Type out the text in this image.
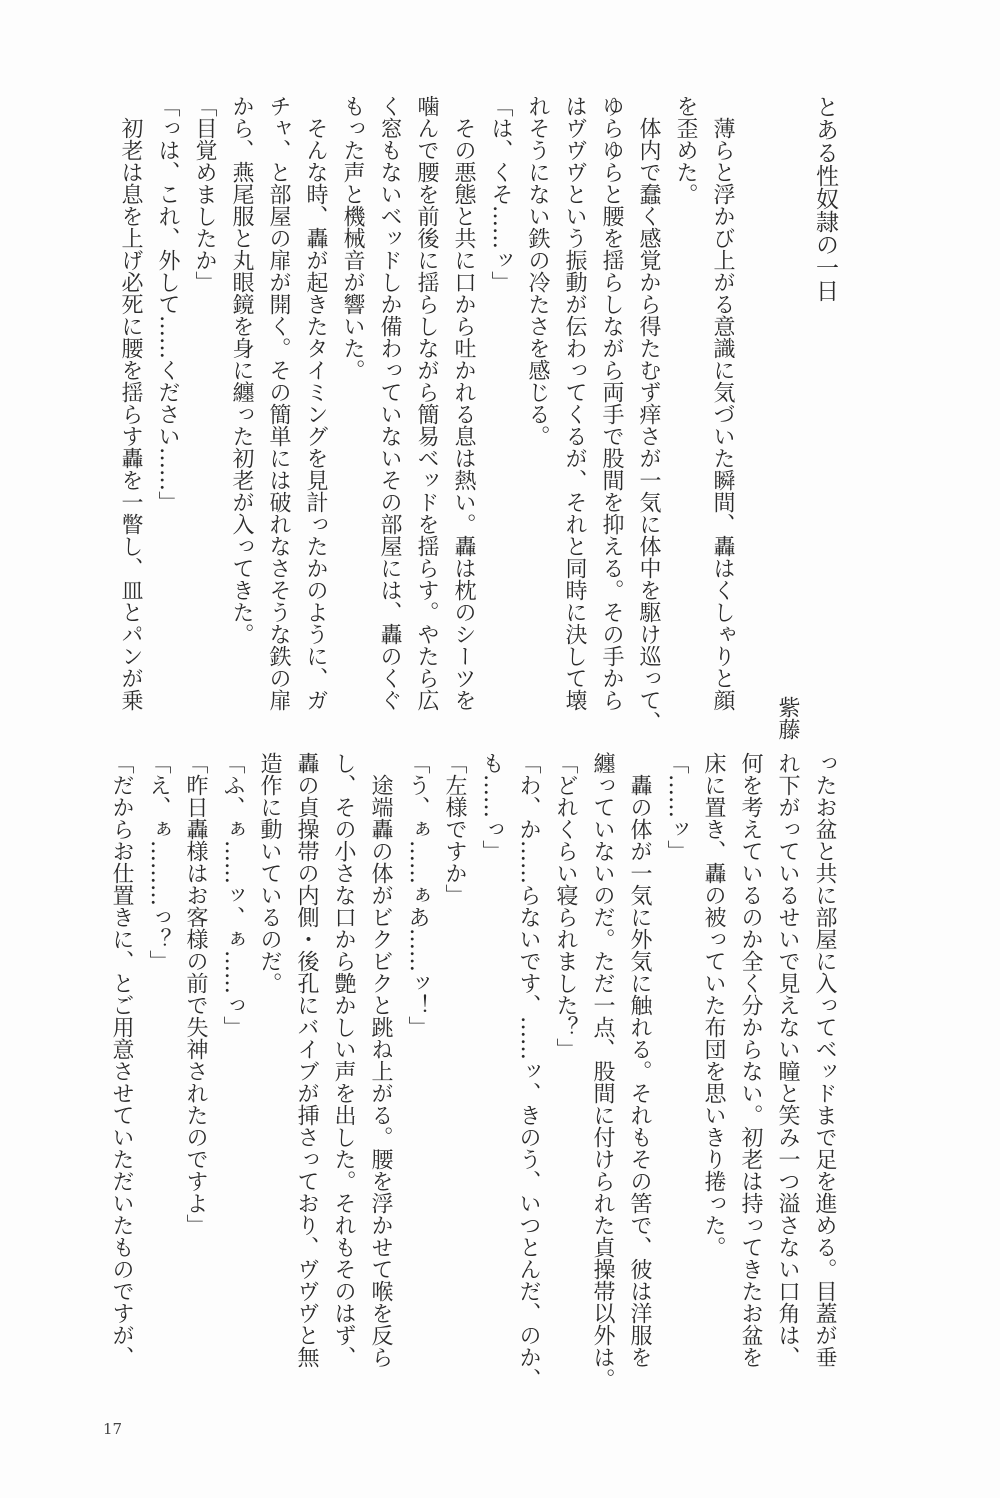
とある性奴隷の一日
紫藤
薄らと浮かび上がる意識に気づいた瞬間、轟はくしゃりと顔
を歪めた。
体内で蠢く感覚から得たむず痒さが一気に体中を駆け巡って、
ゆらゆらと腰を揺らしながら両手で股間を抑える。その手から
はヴヴヴという振動が伝わってくるが、それと同時に決して壊
れそうにない鉄の冷たさを感じる。
「は、くそ……ッ」
その悪態と共に口から吐かれる息は熱い。轟は枕のシーツを
噛んで腰を前後に揺らしながら簡易ベッドを揺らす。やたら広
く窓もないベッドしか備わっていないその部屋には、轟のくぐ
もった声と機械音が響いた。
そんな時、轟が起きたタイミングを見計ったかのように、ガ
チャ、と部屋の扉が開く。その簡単には破れなさそうな鉄の扉
から、燕尾服と丸眼鏡を身に纏った初老が入ってきた。
「目覚めましたか」
「っは、これ、外して……ください……」
初老は息を上げ必死に腰を揺らす轟を一瞥し、皿とパンが乗
ったお盆と共に部屋に入ってベッドまで足を進める。目蓋が垂
れ下がっているせいで見えない瞳と笑み一つ溢さない口角は、
何を考えているのか全く分からない。初老は持ってきたお盆を
床に置き、轟の被っていた布団を思いきり捲った。
「……ッ」
轟の体が一気に外気に触れる。それもその筈で、彼は洋服を
纏っていないのだ。ただ一点、股間に付けられた貞操帯以外は。
「どれくらい寝られました？」
「わ、か……らないです、……ッ、きのう、いつとんだ、のか、
も……っ」
「左様ですか」
「う、ぁ……ぁあ……ッ！」
途端轟の体がビクビクと跳ね上がる。腰を浮かせて喉を反ら
し、その小さな口から艶かしい声を出した。それもそのはず、
轟の貞操帯の内側・後孔にバイブが挿さっており、ヴヴヴと無
造作に動いているのだ。
「ふ、ぁ……ッ、ぁ……っ」
「昨日轟様はお客様の前で失神されたのですよ」
「え、ぁ………っ？」
「だからお仕置きに、とご用意させていただいたものですが、
17
